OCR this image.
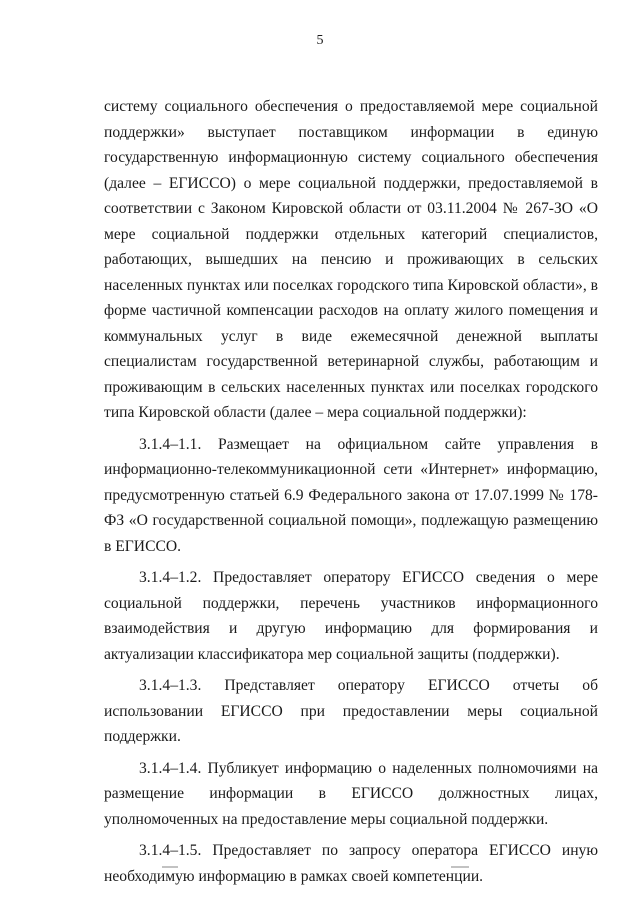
5

систему социального обеспечения о предоставляемой мере социальной поддержки» выступает поставщиком информации в единую государственную информационную систему социального обеспечения (далее – ЕГИССО) о мере социальной поддержки, предоставляемой в соответствии с Законом Кировской области от 03.11.2004 № 267-ЗО «О мере социальной поддержки отдельных категорий специалистов, работающих, вышедших на пенсию и проживающих в сельских населенных пунктах или поселках городского типа Кировской области», в форме частичной компенсации расходов на оплату жилого помещения и коммунальных услуг в виде ежемесячной денежной выплаты специалистам государственной ветеринарной службы, работающим и проживающим в сельских населенных пунктах или поселках городского типа Кировской области (далее – мера социальной поддержки):

3.1.4–1.1. Размещает на официальном сайте управления в информационно-телекоммуникационной сети «Интернет» информацию, предусмотренную статьей 6.9 Федерального закона от 17.07.1999 № 178-ФЗ «О государственной социальной помощи», подлежащую размещению в ЕГИССО.

3.1.4–1.2. Предоставляет оператору ЕГИССО сведения о мере социальной поддержки, перечень участников информационного взаимодействия и другую информацию для формирования и актуализации классификатора мер социальной защиты (поддержки).

3.1.4–1.3. Представляет оператору ЕГИССО отчеты об использовании ЕГИССО при предоставлении меры социальной поддержки.

3.1.4–1.4. Публикует информацию о наделенных полномочиями на размещение информации в ЕГИССО должностных лицах, уполномоченных на предоставление меры социальной поддержки.

3.1.4–1.5. Предоставляет по запросу оператора ЕГИССО иную необходимую информацию в рамках своей компетенции.
